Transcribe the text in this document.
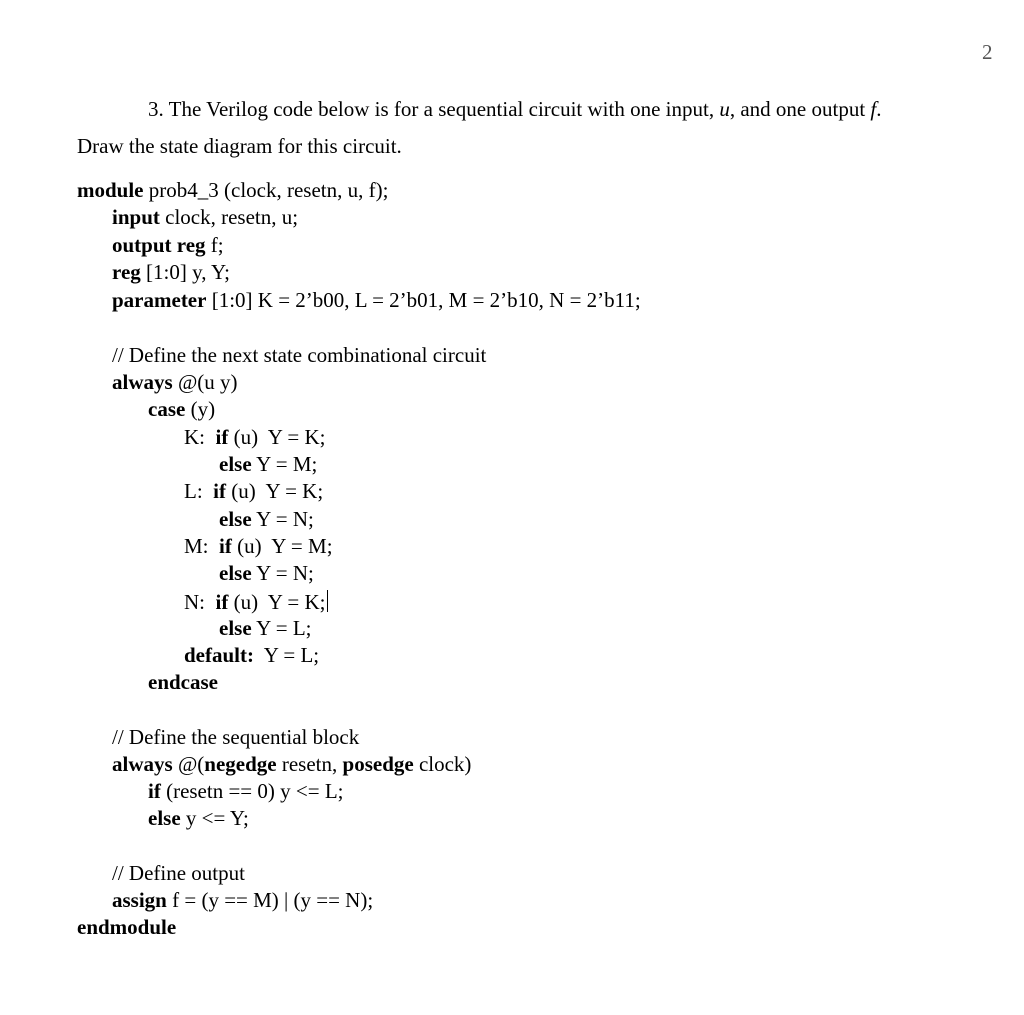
2
3. The Verilog code below is for a sequential circuit with one input, u, and one output f.
Draw the state diagram for this circuit.
module prob4_3 (clock, resetn, u, f);
input clock, resetn, u;
output reg f;
reg [1:0] y, Y;
parameter [1:0] K = 2’b00, L = 2’b01, M = 2’b10, N = 2’b11;
// Define the next state combinational circuit
always @(u y)
case (y)
K:  if (u)  Y = K;
else Y = M;
L:  if (u)  Y = K;
else Y = N;
M:  if (u)  Y = M;
else Y = N;
N:  if (u)  Y = K;
else Y = L;
default:  Y = L;
endcase
// Define the sequential block
always @(negedge resetn, posedge clock)
if (resetn == 0) y <= L;
else y <= Y;
// Define output
assign f = (y == M) | (y == N);
endmodule
